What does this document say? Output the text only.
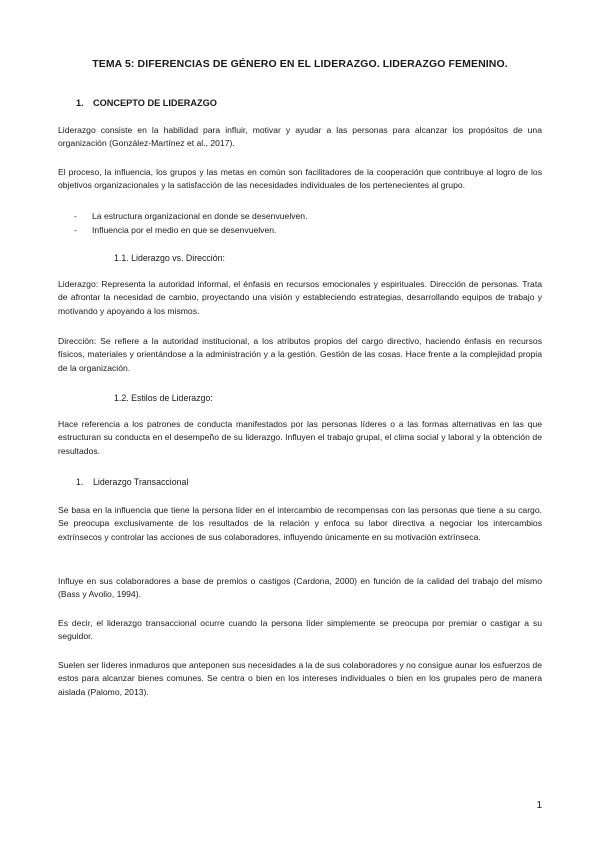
TEMA 5: DIFERENCIAS DE GÉNERO EN EL LIDERAZGO. LIDERAZGO FEMENINO.
1. CONCEPTO DE LIDERAZGO
Liderazgo consiste en la habilidad para influir, motivar y ayudar a las personas para alcanzar los propósitos de una organización (González-Martínez et al., 2017).
El proceso, la influencia, los grupos y las metas en común son facilitadores de la cooperación que contribuye al logro de los objetivos organizacionales y la satisfacción de las necesidades individuales de los pertenecientes al grupo.
- La estructura organizacional en donde se desenvuelven.
- Influencia por el medio en que se desenvuelven.
1.1. Liderazgo vs. Dirección:
Liderazgo: Representa la autoridad informal, el énfasis en recursos emocionales y espirituales. Dirección de personas. Trata de afrontar la necesidad de cambio, proyectando una visión y estableciendo estrategias, desarrollando equipos de trabajo y motivando y apoyando a los mismos.
Dirección: Se refiere a la autoridad institucional, a los atributos propios del cargo directivo, haciendo énfasis en recursos físicos, materiales y orientándose a la administración y a la gestión. Gestión de las cosas. Hace frente a la complejidad propia de la organización.
1.2. Estilos de Liderazgo:
Hace referencia a los patrones de conducta manifestados por las personas líderes o a las formas alternativas en las que estructuran su conducta en el desempeño de su liderazgo. Influyen el trabajo grupal, el clima social y laboral y la obtención de resultados.
1. Liderazgo Transaccional
Se basa en la influencia que tiene la persona líder en el intercambio de recompensas con las personas que tiene a su cargo. Se preocupa exclusivamente de los resultados de la relación y enfoca su labor directiva a negociar los intercambios extrínsecos y controlar las acciones de sus colaboradores, influyendo únicamente en su motivación extrínseca.
Influye en sus colaboradores a base de premios o castigos (Cardona, 2000) en función de la calidad del trabajo del mismo (Bass y Avolio, 1994).
Es decir, el liderazgo transaccional ocurre cuando la persona líder simplemente se preocupa por premiar o castigar a su seguidor.
Suelen ser líderes inmaduros que anteponen sus necesidades a la de sus colaboradores y no consigue aunar los esfuerzos de estos para alcanzar bienes comunes. Se centra o bien en los intereses individuales o bien en los grupales pero de manera aislada (Palomo, 2013).
1
